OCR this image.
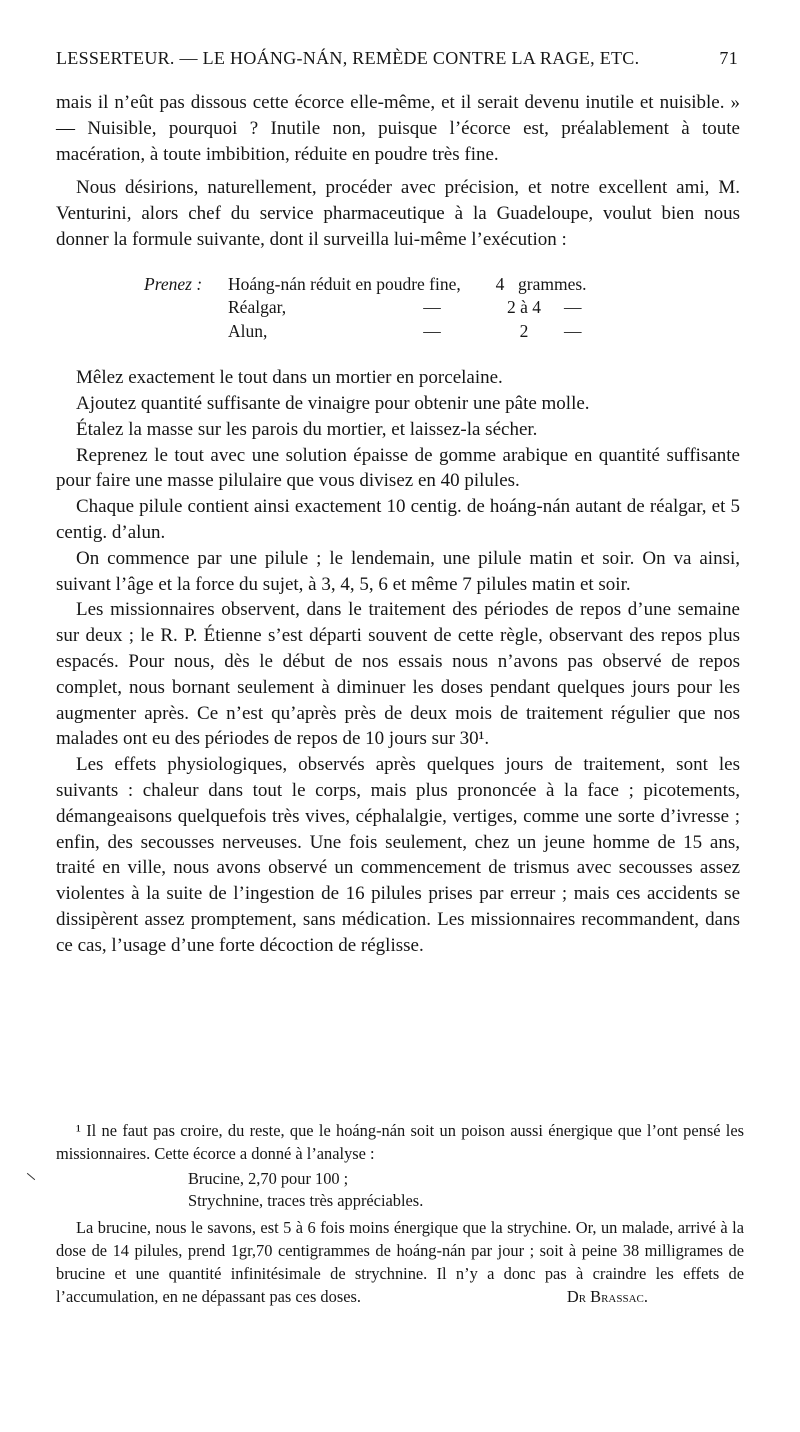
LESSERTEUR. — LE HOÁNG-NÁN, REMÈDE CONTRE LA RAGE, ETC.	71

mais il n’eût pas dissous cette écorce elle-même, et il serait devenu inutile et nuisible. » — Nuisible, pourquoi ? Inutile non, puisque l’écorce est, préalablement à toute macération, à toute imbibition, réduite en poudre très fine.

Nous désirions, naturellement, procéder avec précision, et notre excellent ami, M. Venturini, alors chef du service pharmaceutique à la Guadeloupe, voulut bien nous donner la formule suivante, dont il surveilla lui-même l’exécution :

Prenez :	Hoáng-nán réduit en poudre fine,	4 grammes.
Réalgar,	—	2 à 4	—
Alun,	—	2	—

Mêlez exactement le tout dans un mortier en porcelaine.

Ajoutez quantité suffisante de vinaigre pour obtenir une pâte molle.

Étalez la masse sur les parois du mortier, et laissez-la sécher.

Reprenez le tout avec une solution épaisse de gomme arabique en quantité suffisante pour faire une masse pilulaire que vous divisez en 40 pilules.

Chaque pilule contient ainsi exactement 10 centig. de hoáng-nán autant de réalgar, et 5 centig. d’alun.

On commence par une pilule ; le lendemain, une pilule matin et soir. On va ainsi, suivant l’âge et la force du sujet, à 3, 4, 5, 6 et même 7 pilules matin et soir.

Les missionnaires observent, dans le traitement des périodes de repos d’une semaine sur deux ; le R. P. Étienne s’est départi souvent de cette règle, observant des repos plus espacés. Pour nous, dès le début de nos essais nous n’avons pas observé de repos complet, nous bornant seulement à diminuer les doses pendant quelques jours pour les augmenter après. Ce n’est qu’après près de deux mois de traitement régulier que nos malades ont eu des périodes de repos de 10 jours sur 30¹.

Les effets physiologiques, observés après quelques jours de traitement, sont les suivants : chaleur dans tout le corps, mais plus prononcée à la face ; picotements, démangeaisons quelquefois très vives, céphalalgie, vertiges, comme une sorte d’ivresse ; enfin, des secousses nerveuses. Une fois seulement, chez un jeune homme de 15 ans, traité en ville, nous avons observé un commencement de trismus avec secousses assez violentes à la suite de l’ingestion de 16 pilules prises par erreur ; mais ces accidents se dissipèrent assez promptement, sans médication. Les missionnaires recommandent, dans ce cas, l’usage d’une forte décoction de réglisse.

¹ Il ne faut pas croire, du reste, que le hoáng-nán soit un poison aussi énergique que l’ont pensé les missionnaires. Cette écorce a donné à l’analyse :

Brucine, 2,70 pour 100 ;
Strychnine, traces très appréciables.

La brucine, nous le savons, est 5 à 6 fois moins énergique que la strychine. Or, un malade, arrivé à la dose de 14 pilules, prend 1gr,70 centigrammes de hoáng-nán par jour ; soit à peine 38 milligrames de brucine et une quantité infinitésimale de strychnine. Il n’y a donc pas à craindre les effets de l’accumulation, en ne dépassant pas ces doses.	Dr Brassac.
